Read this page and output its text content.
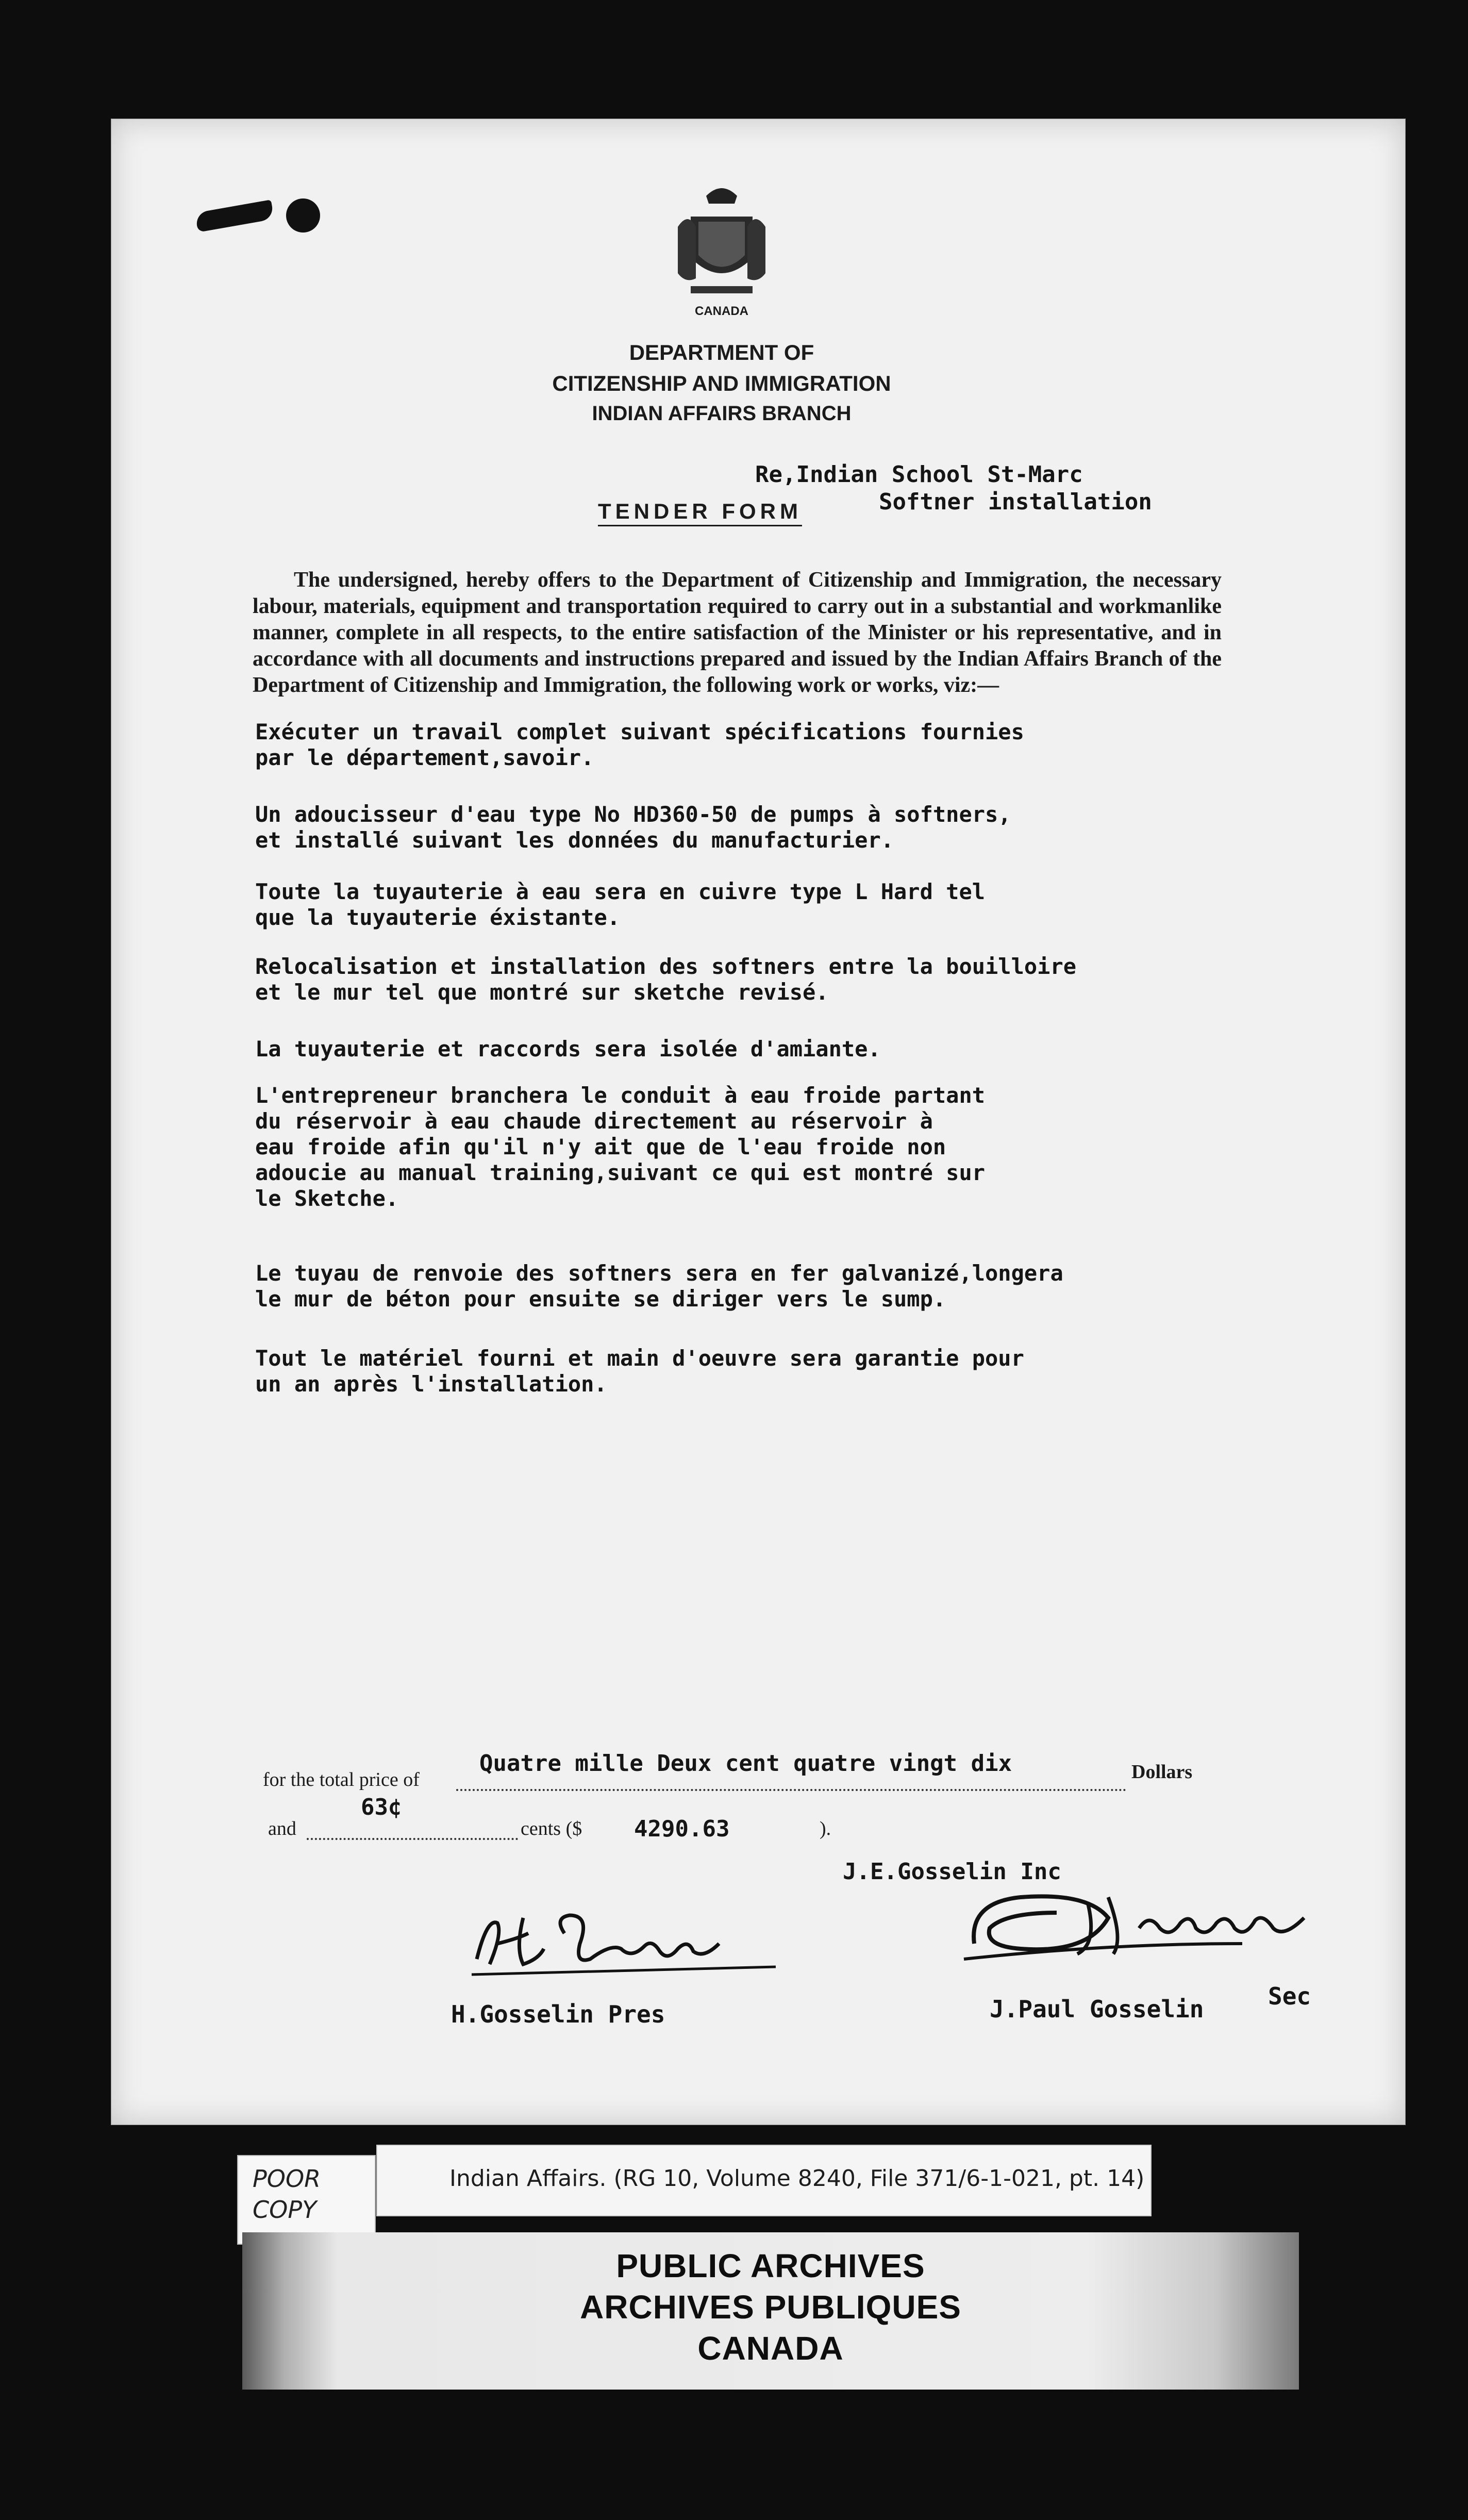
CANADA
DEPARTMENT OF
CITIZENSHIP AND IMMIGRATION
INDIAN AFFAIRS BRANCH

Re,Indian School St-Marc

Softner installation

TENDER FORM

The undersigned, hereby offers to the Department of Citizenship and Immigration, the necessary labour, materials, equipment and transportation required to carry out in a substantial and workmanlike manner, complete in all respects, to the entire satisfaction of the Minister or his representative, and in accordance with all documents and instructions prepared and issued by the Indian Affairs Branch of the Department of Citizenship and Immigration, the following work or works, viz:—

Exécuter un travail complet suivant spécifications fournies

par le département,savoir.

Un adoucisseur d'eau type No HD360-50 de pumps à softners,

et installé suivant les données du manufacturier.

Toute la tuyauterie à eau sera en cuivre type L Hard tel

que la tuyauterie éxistante.

Relocalisation et installation des softners entre la bouilloire

et le mur tel que montré sur sketche revisé.

La tuyauterie et raccords sera isolée d'amiante.

L'entrepreneur branchera le conduit à eau froide partant

du réservoir à eau chaude directement au réservoir à

eau froide afin qu'il n'y ait que de l'eau froide non

adoucie au manual training,suivant ce qui est montré sur

le Sketche.

Le tuyau de renvoie des softners sera en fer galvanizé,longera

le mur de béton pour ensuite se diriger vers le sump.

Tout le matériel fourni et main d'oeuvre sera garantie pour

un an après l'installation.

for the total price of

Quatre mille Deux cent quatre vingt dix	Dollars
and

63¢

cents ($ 4290.63	).

J.E.Gosselin Inc

H.Gosselin Pres	J.Paul Gosselin	Sec

POOR
COPY
Indian Affairs. (RG 10, Volume 8240, File 371/6-1-021, pt. 14)
PUBLIC ARCHIVES
ARCHIVES PUBLIQUES
CANADA
